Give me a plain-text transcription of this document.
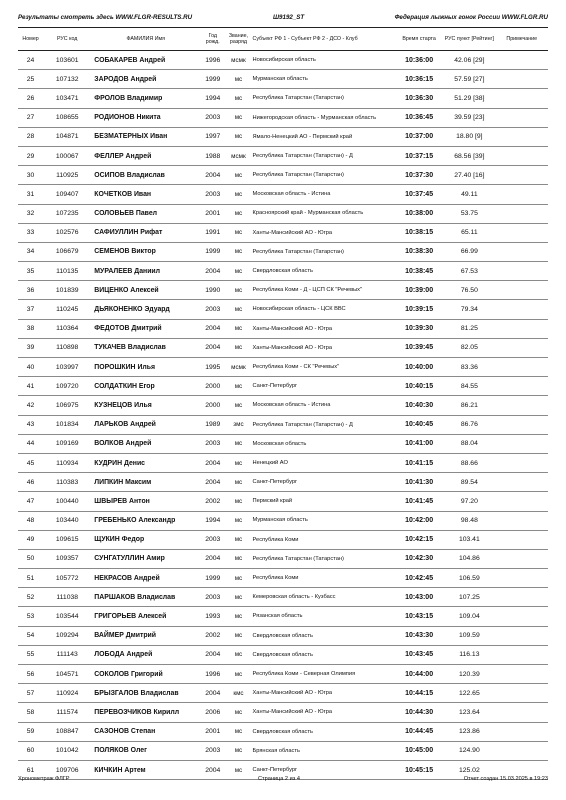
Результаты смотреть здесь WWW.FLGR-RESULTS.RU	Ш9192_ST	Федерация лыжных гонок России WWW.FLGR.RU
Номер	РУС код	ФАМИЛИЯ Имя	Год рожд.	Звание, разряд	Субъект РФ 1 - Субъект РФ 2 - ДСО - Клуб	Время старта	РУС пункт [Рейтинг]	Примечание
24	103601	СОБАКАРЕВ Андрей	1996	мсмк	Новосибирская область	10:36:00	42.06 [29]	
25	107132	ЗАРОДОВ Андрей	1999	мс	Мурманская область	10:36:15	57.59 [27]	
26	103471	ФРОЛОВ Владимир	1994	мс	Республика Татарстан (Татарстан)	10:36:30	51.29 [38]	
27	108655	РОДИОНОВ Никита	2003	мс	Нижегородская область - Мурманская область	10:36:45	39.59 [23]	
28	104871	БЕЗМАТЕРНЫХ Иван	1997	мс	Ямало-Ненецкий АО - Пермский край	10:37:00	18.80 [9]	
29	100067	ФЕЛЛЕР Андрей	1988	мсмк	Республика Татарстан (Татарстан) - Д	10:37:15	68.56 [39]	
30	110925	ОСИПОВ Владислав	2004	мс	Республика Татарстан (Татарстан)	10:37:30	27.40 [16]	
31	109407	КОЧЕТКОВ Иван	2003	мс	Московская область - Истина	10:37:45	49.11	
32	107235	СОЛОВЬЕВ Павел	2001	мс	Красноярский край - Мурманская область	10:38:00	53.75	
33	102576	САФИУЛЛИН Рифат	1991	мс	Ханты-Мансийский АО - Югра	10:38:15	65.11	
34	106679	СЕМЕНОВ Виктор	1999	мс	Республика Татарстан (Татарстан)	10:38:30	66.99	
35	110135	МУРАЛЕЕВ Даниил	2004	мс	Свердловская область	10:38:45	67.53	
36	101839	ВИЦЕНКО Алексей	1990	мс	Республика Коми - Д - ЦСП СК "Речевых"	10:39:00	76.50	
37	110245	ДЬЯКОНЕНКО Эдуард	2003	мс	Новосибирская область - ЦСК ВВС	10:39:15	79.34	
38	110364	ФЕДОТОВ Дмитрий	2004	мс	Ханты-Мансийский АО - Югра	10:39:30	81.25	
39	110898	ТУКАЧЕВ Владислав	2004	мс	Ханты-Мансийский АО - Югра	10:39:45	82.05	
40	103997	ПОРОШКИН Илья	1995	мсмк	Республика Коми - СК "Речевых"	10:40:00	83.36	
41	109720	СОЛДАТКИН Егор	2000	мс	Санкт-Петербург	10:40:15	84.55	
42	106975	КУЗНЕЦОВ Илья	2000	мс	Московская область - Истина	10:40:30	86.21	
43	101834	ЛАРЬКОВ Андрей	1989	змс	Республика Татарстан (Татарстан) - Д	10:40:45	86.76	
44	109169	ВОЛКОВ Андрей	2003	мс	Московская область	10:41:00	88.04	
45	110934	КУДРИН Денис	2004	мс	Ненецкий АО	10:41:15	88.66	
46	110383	ЛИПКИН Максим	2004	мс	Санкт-Петербург	10:41:30	89.54	
47	100440	ШВЫРЕВ Антон	2002	мс	Пермский край	10:41:45	97.20	
48	103440	ГРЕБЕНЬКО Александр	1994	мс	Мурманская область	10:42:00	98.48	
49	109615	ЩУКИН Федор	2003	мс	Республика Коми	10:42:15	103.41	
50	109357	СУНГАТУЛЛИН Амир	2004	мс	Республика Татарстан (Татарстан)	10:42:30	104.86	
51	105772	НЕКРАСОВ Андрей	1999	мс	Республика Коми	10:42:45	106.59	
52	111038	ПАРШАКОВ Владислав	2003	мс	Кемеровская область - Кузбасс	10:43:00	107.25	
53	103544	ГРИГОРЬЕВ Алексей	1993	мс	Рязанская область	10:43:15	109.04	
54	109294	ВАЙМЕР Дмитрий	2002	мс	Свердловская область	10:43:30	109.59	
55	111143	ЛОБОДА Андрей	2004	мс	Свердловская область	10:43:45	116.13	
56	104571	СОКОЛОВ Григорий	1996	мс	Республика Коми - Северная Олимпия	10:44:00	120.39	
57	110924	БРЫЗГАЛОВ Владислав	2004	кмс	Ханты-Мансийский АО - Югра	10:44:15	122.65	
58	111574	ПЕРЕВОЗЧИКОВ Кирилл	2006	мс	Ханты-Мансийский АО - Югра	10:44:30	123.64	
59	108847	САЗОНОВ Степан	2001	мс	Свердловская область	10:44:45	123.86	
60	101042	ПОЛЯКОВ Олег	2003	мс	Брянская область	10:45:00	124.90	
61	109706	КИЧКИН Артем	2004	мс	Санкт-Петербург	10:45:15	125.02	
Хронометраж ФЛГР	Страница 2 из 4	Отчет создан 15.03.2025 в 19:23
